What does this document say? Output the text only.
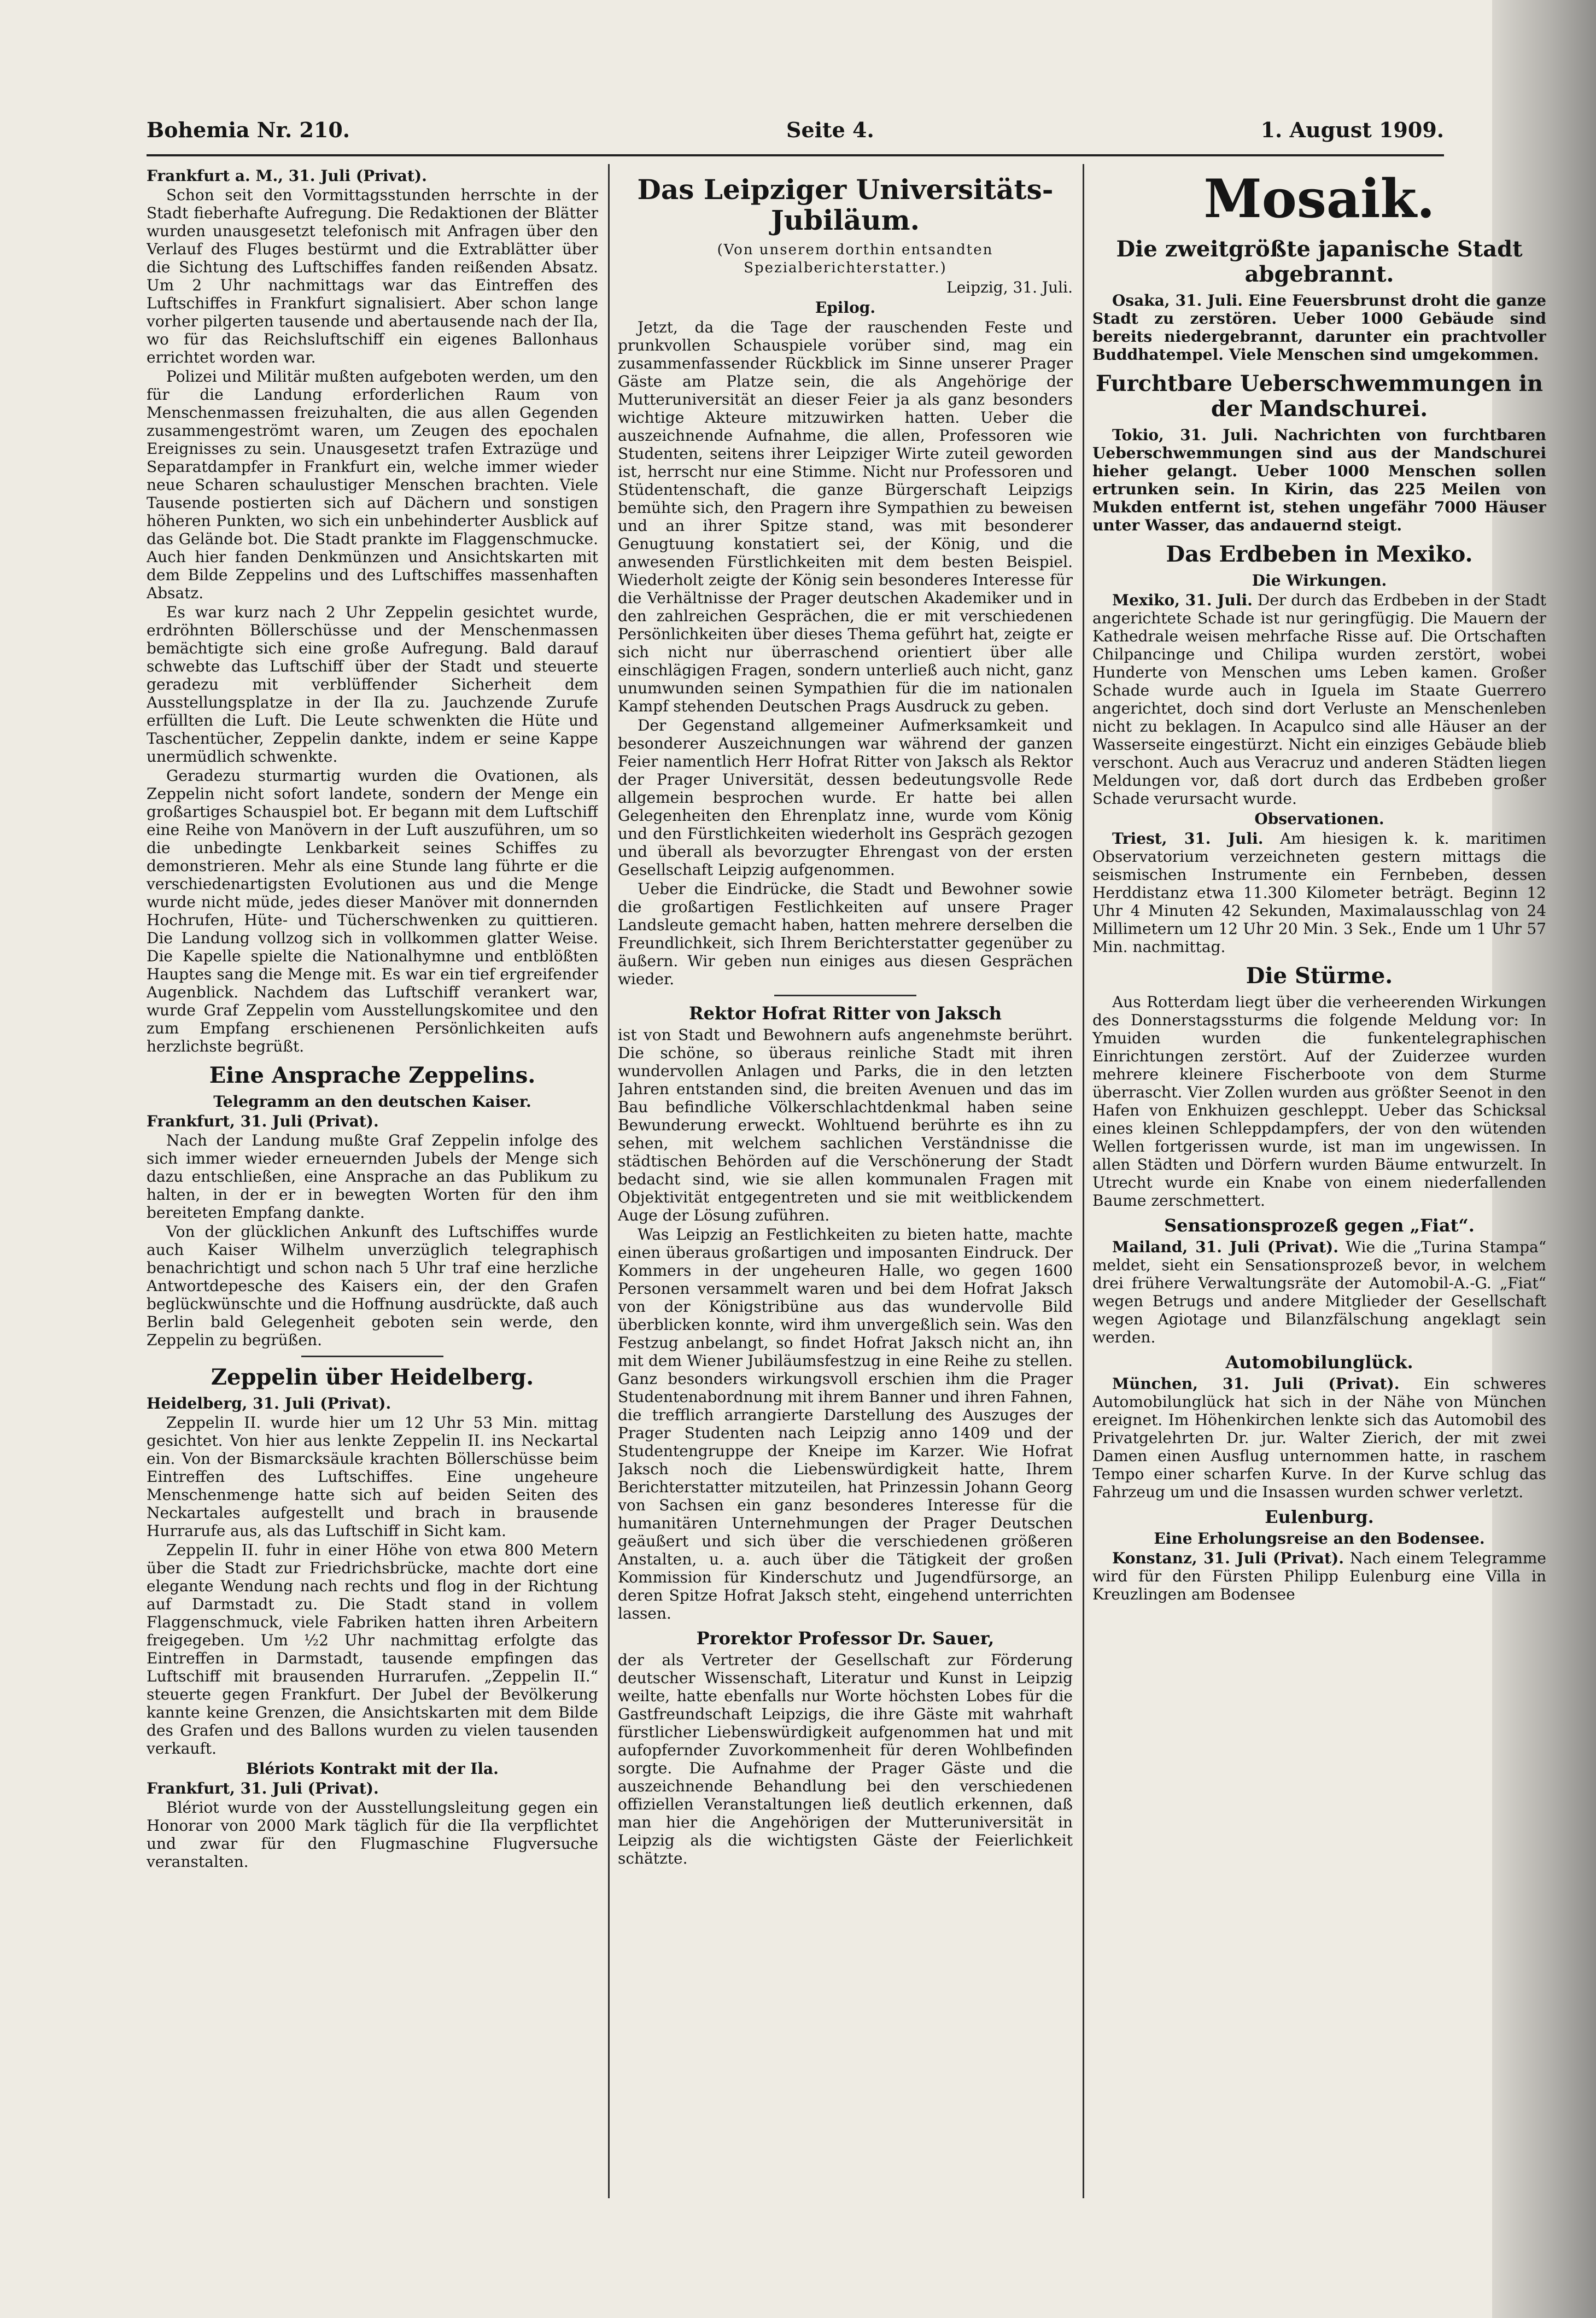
Bohemia Nr. 210.	Seite 4.	1. August 1909.

Frankfurt a. M., 31. Juli (Privat).

Schon seit den Vormittagsstunden herrschte in der Stadt fieberhafte Aufregung. Die Redaktionen der Blätter wurden unausgesetzt telefonisch mit Anfragen über den Verlauf des Fluges bestürmt und die Extrablätter über die Sichtung des Luftschiffes fanden reißenden Absatz. Um 2 Uhr nachmittags war das Eintreffen des Luftschiffes in Frankfurt signalisiert. Aber schon lange vorher pilgerten tausende und abertausende nach der Ila, wo für das Reichsluftschiff ein eigenes Ballonhaus errichtet worden war.

Polizei und Militär mußten aufgeboten werden, um den für die Landung erforderlichen Raum von Menschenmassen freizuhalten, die aus allen Gegenden zusammengeströmt waren, um Zeugen des epochalen Ereignisses zu sein. Unausgesetzt trafen Extrazüge und Separatdampfer in Frankfurt ein, welche immer wieder neue Scharen schaulustiger Menschen brachten. Viele Tausende postierten sich auf Dächern und sonstigen höheren Punkten, wo sich ein unbehinderter Ausblick auf das Gelände bot. Die Stadt prankte im Flaggenschmucke. Auch hier fanden Denkmünzen und Ansichtskarten mit dem Bilde Zeppelins und des Luftschiffes massenhaften Absatz.

Es war kurz nach 2 Uhr Zeppelin gesichtet wurde, erdröhnten Böllerschüsse und der Menschenmassen bemächtigte sich eine große Aufregung. Bald darauf schwebte das Luftschiff über der Stadt und steuerte geradezu mit verblüffender Sicherheit dem Ausstellungsplatze in der Ila zu. Jauchzende Zurufe erfüllten die Luft. Die Leute schwenkten die Hüte und Taschentücher, Zeppelin dankte, indem er seine Kappe unermüdlich schwenkte.

Geradezu sturmartig wurden die Ovationen, als Zeppelin nicht sofort landete, sondern der Menge ein großartiges Schauspiel bot. Er begann mit dem Luftschiff eine Reihe von Manövern in der Luft auszuführen, um so die unbedingte Lenkbarkeit seines Schiffes zu demonstrieren. Mehr als eine Stunde lang führte er die verschiedenartigsten Evolutionen aus und die Menge wurde nicht müde, jedes dieser Manöver mit donnernden Hochrufen, Hüte- und Tücherschwenken zu quittieren. Die Landung vollzog sich in vollkommen glatter Weise. Die Kapelle spielte die Nationalhymne und entblößten Hauptes sang die Menge mit. Es war ein tief ergreifender Augenblick. Nachdem das Luftschiff verankert war, wurde Graf Zeppelin vom Ausstellungskomitee und den zum Empfang erschienenen Persönlichkeiten aufs herzlichste begrüßt.

Eine Ansprache Zeppelins.
Telegramm an den deutschen Kaiser.

Frankfurt, 31. Juli (Privat).

Nach der Landung mußte Graf Zeppelin infolge des sich immer wieder erneuernden Jubels der Menge sich dazu entschließen, eine Ansprache an das Publikum zu halten, in der er in bewegten Worten für den ihm bereiteten Empfang dankte.

Von der glücklichen Ankunft des Luftschiffes wurde auch Kaiser Wilhelm unverzüglich telegraphisch benachrichtigt und schon nach 5 Uhr traf eine herzliche Antwortdepesche des Kaisers ein, der den Grafen beglückwünschte und die Hoffnung ausdrückte, daß auch Berlin bald Gelegenheit geboten sein werde, den Zeppelin zu begrüßen.

Zeppelin über Heidelberg.

Heidelberg, 31. Juli (Privat).

Zeppelin II. wurde hier um 12 Uhr 53 Min. mittag gesichtet. Von hier aus lenkte Zeppelin II. ins Neckartal ein. Von der Bismarcksäule krachten Böllerschüsse beim Eintreffen des Luftschiffes. Eine ungeheure Menschenmenge hatte sich auf beiden Seiten des Neckartales aufgestellt und brach in brausende Hurrarufe aus, als das Luftschiff in Sicht kam.

Zeppelin II. fuhr in einer Höhe von etwa 800 Metern über die Stadt zur Friedrichsbrücke, machte dort eine elegante Wendung nach rechts und flog in der Richtung auf Darmstadt zu. Die Stadt stand in vollem Flaggenschmuck, viele Fabriken hatten ihren Arbeitern freigegeben. Um ½2 Uhr nachmittag erfolgte das Eintreffen in Darmstadt, tausende empfingen das Luftschiff mit brausenden Hurrarufen. „Zeppelin II.“ steuerte gegen Frankfurt. Der Jubel der Bevölkerung kannte keine Grenzen, die Ansichtskarten mit dem Bilde des Grafen und des Ballons wurden zu vielen tausenden verkauft.

Blériots Kontrakt mit der Ila.

Frankfurt, 31. Juli (Privat).

Blériot wurde von der Ausstellungsleitung gegen ein Honorar von 2000 Mark täglich für die Ila verpflichtet und zwar für den Flugmaschine Flugversuche veranstalten.

Das Leipziger Universitäts-Jubiläum.

(Von unserem dorthin entsandten Spezialberichterstatter.)

Leipzig, 31. Juli.

Epilog.

Jetzt, da die Tage der rauschenden Feste und prunkvollen Schauspiele vorüber sind, mag ein zusammenfassender Rückblick im Sinne unserer Prager Gäste am Platze sein, die als Angehörige der Mutteruniversität an dieser Feier ja als ganz besonders wichtige Akteure mitzuwirken hatten. Ueber die auszeichnende Aufnahme, die allen, Professoren wie Studenten, seitens ihrer Leipziger Wirte zuteil geworden ist, herrscht nur eine Stimme. Nicht nur Professoren und Stüdentenschaft, die ganze Bürgerschaft Leipzigs bemühte sich, den Pragern ihre Sympathien zu beweisen und an ihrer Spitze stand, was mit besonderer Genugtuung konstatiert sei, der König, und die anwesenden Fürstlichkeiten mit dem besten Beispiel. Wiederholt zeigte der König sein besonderes Interesse für die Verhältnisse der Prager deutschen Akademiker und in den zahlreichen Gesprächen, die er mit verschiedenen Persönlichkeiten über dieses Thema geführt hat, zeigte er sich nicht nur überraschend orientiert über alle einschlägigen Fragen, sondern unterließ auch nicht, ganz unumwunden seinen Sympathien für die im nationalen Kampf stehenden Deutschen Prags Ausdruck zu geben.

Der Gegenstand allgemeiner Aufmerksamkeit und besonderer Auszeichnungen war während der ganzen Feier namentlich Herr Hofrat Ritter von Jaksch als Rektor der Prager Universität, dessen bedeutungsvolle Rede allgemein besprochen wurde. Er hatte bei allen Gelegenheiten den Ehrenplatz inne, wurde vom König und den Fürstlichkeiten wiederholt ins Gespräch gezogen und überall als bevorzugter Ehrengast von der ersten Gesellschaft Leipzig aufgenommen.

Ueber die Eindrücke, die Stadt und Bewohner sowie die großartigen Festlichkeiten auf unsere Prager Landsleute gemacht haben, hatten mehrere derselben die Freundlichkeit, sich Ihrem Berichterstatter gegenüber zu äußern. Wir geben nun einiges aus diesen Gesprächen wieder.

Rektor Hofrat Ritter von Jaksch

ist von Stadt und Bewohnern aufs angenehmste berührt. Die schöne, so überaus reinliche Stadt mit ihren wundervollen Anlagen und Parks, die in den letzten Jahren entstanden sind, die breiten Avenuen und das im Bau befindliche Völkerschlachtdenkmal haben seine Bewunderung erweckt. Wohltuend berührte es ihn zu sehen, mit welchem sachlichen Verständnisse die städtischen Behörden auf die Verschönerung der Stadt bedacht sind, wie sie allen kommunalen Fragen mit Objektivität entgegentreten und sie mit weitblickendem Auge der Lösung zuführen.

Was Leipzig an Festlichkeiten zu bieten hatte, machte einen überaus großartigen und imposanten Eindruck. Der Kommers in der ungeheuren Halle, wo gegen 1600 Personen versammelt waren und bei dem Hofrat Jaksch von der Königstribüne aus das wundervolle Bild überblicken konnte, wird ihm unvergeßlich sein. Was den Festzug anbelangt, so findet Hofrat Jaksch nicht an, ihn mit dem Wiener Jubiläumsfestzug in eine Reihe zu stellen. Ganz besonders wirkungsvoll erschien ihm die Prager Studentenabordnung mit ihrem Banner und ihren Fahnen, die trefflich arrangierte Darstellung des Auszuges der Prager Studenten nach Leipzig anno 1409 und der Studentengruppe der Kneipe im Karzer. Wie Hofrat Jaksch noch die Liebenswürdigkeit hatte, Ihrem Berichterstatter mitzuteilen, hat Prinzessin Johann Georg von Sachsen ein ganz besonderes Interesse für die humanitären Unternehmungen der Prager Deutschen geäußert und sich über die verschiedenen größeren Anstalten, u. a. auch über die Tätigkeit der großen Kommission für Kinderschutz und Jugendfürsorge, an deren Spitze Hofrat Jaksch steht, eingehend unterrichten lassen.

Prorektor Professor Dr. Sauer,

der als Vertreter der Gesellschaft zur Förderung deutscher Wissenschaft, Literatur und Kunst in Leipzig weilte, hatte ebenfalls nur Worte höchsten Lobes für die Gastfreundschaft Leipzigs, die ihre Gäste mit wahrhaft fürstlicher Liebenswürdigkeit aufgenommen hat und mit aufopfernder Zuvorkommenheit für deren Wohlbefinden sorgte. Die Aufnahme der Prager Gäste und die auszeichnende Behandlung bei den verschiedenen offiziellen Veranstaltungen ließ deutlich erkennen, daß man hier die Angehörigen der Mutteruniversität in Leipzig als die wichtigsten Gäste der Feierlichkeit schätzte.

Mosaik.
Die zweitgrößte japanische Stadt abgebrannt.

Osaka, 31. Juli. Eine Feuersbrunst droht die ganze Stadt zu zerstören. Ueber 1000 Gebäude sind bereits niedergebrannt, darunter ein prachtvoller Buddhatempel. Viele Menschen sind umgekommen.

Furchtbare Ueberschwemmungen in der Mandschurei.

Tokio, 31. Juli. Nachrichten von furchtbaren Ueberschwemmungen sind aus der Mandschurei hieher gelangt. Ueber 1000 Menschen sollen ertrunken sein. In Kirin, das 225 Meilen von Mukden entfernt ist, stehen ungefähr 7000 Häuser unter Wasser, das andauernd steigt.

Das Erdbeben in Mexiko.
Die Wirkungen.

Mexiko, 31. Juli. Der durch das Erdbeben in der Stadt angerichtete Schade ist nur geringfügig. Die Mauern der Kathedrale weisen mehrfache Risse auf. Die Ortschaften Chilpancinge und Chilipa wurden zerstört, wobei Hunderte von Menschen ums Leben kamen. Großer Schade wurde auch in Iguela im Staate Guerrero angerichtet, doch sind dort Verluste an Menschenleben nicht zu beklagen. In Acapulco sind alle Häuser an der Wasserseite eingestürzt. Nicht ein einziges Gebäude blieb verschont. Auch aus Veracruz und anderen Städten liegen Meldungen vor, daß dort durch das Erdbeben großer Schade verursacht wurde.

Observationen.

Triest, 31. Juli. Am hiesigen k. k. maritimen Observatorium verzeichneten gestern mittags die seismischen Instrumente ein Fernbeben, dessen Herddistanz etwa 11.300 Kilometer beträgt. Beginn 12 Uhr 4 Minuten 42 Sekunden, Maximalausschlag von 24 Millimetern um 12 Uhr 20 Min. 3 Sek., Ende um 1 Uhr 57 Min. nachmittag.

Die Stürme.

Aus Rotterdam liegt über die verheerenden Wirkungen des Donnerstagssturms die folgende Meldung vor: In Ymuiden wurden die funkentelegraphischen Einrichtungen zerstört. Auf der Zuiderzee wurden mehrere kleinere Fischerboote von dem Sturme überrascht. Vier Zollen wurden aus größter Seenot in den Hafen von Enkhuizen geschleppt. Ueber das Schicksal eines kleinen Schleppdampfers, der von den wütenden Wellen fortgerissen wurde, ist man im ungewissen. In allen Städten und Dörfern wurden Bäume entwurzelt. In Utrecht wurde ein Knabe von einem niederfallenden Baume zerschmettert.

Sensationsprozeß gegen „Fiat“.

Mailand, 31. Juli (Privat). Wie die „Turina Stampa“ meldet, sieht ein Sensationsprozeß bevor, in welchem drei frühere Verwaltungsräte der Automobil-A.-G. „Fiat“ wegen Betrugs und andere Mitglieder der Gesellschaft wegen Agiotage und Bilanzfälschung angeklagt sein werden.

Automobilunglück.

München, 31. Juli (Privat). Ein schweres Automobilunglück hat sich in der Nähe von München ereignet. Im Höhenkirchen lenkte sich das Automobil des Privatgelehrten Dr. jur. Walter Zierich, der mit zwei Damen einen Ausflug unternommen hatte, in raschem Tempo einer scharfen Kurve. In der Kurve schlug das Fahrzeug um und die Insassen wurden schwer verletzt.

Eulenburg.
Eine Erholungsreise an den Bodensee.

Konstanz, 31. Juli (Privat). Nach einem Telegramme wird für den Fürsten Philipp Eulenburg eine Villa in Kreuzlingen am Bodensee
